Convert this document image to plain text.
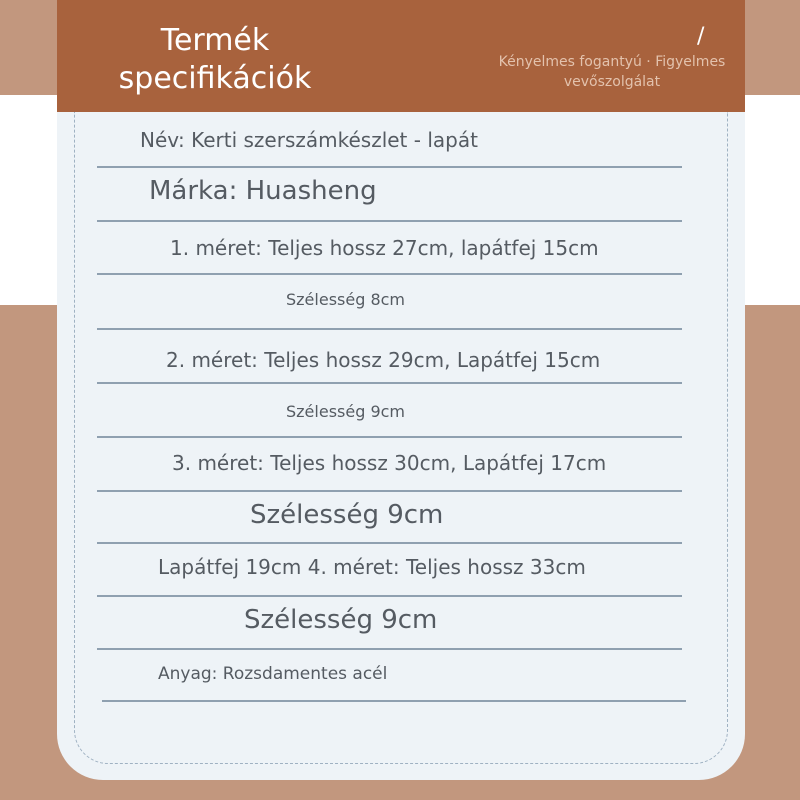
Termék specifikációk	Kényelmes fogantyú · Figyelmes vevőszolgálat
/
Név: Kerti szerszámkészlet - lapát
Márka: Huasheng
1. méret: Teljes hossz 27cm, lapátfej 15cm
Szélesség 8cm
2. méret: Teljes hossz 29cm, Lapátfej 15cm
Szélesség 9cm
3. méret: Teljes hossz 30cm, Lapátfej 17cm
Szélesség 9cm
Lapátfej 19cm 4. méret: Teljes hossz 33cm
Szélesség 9cm
Anyag: Rozsdamentes acél
